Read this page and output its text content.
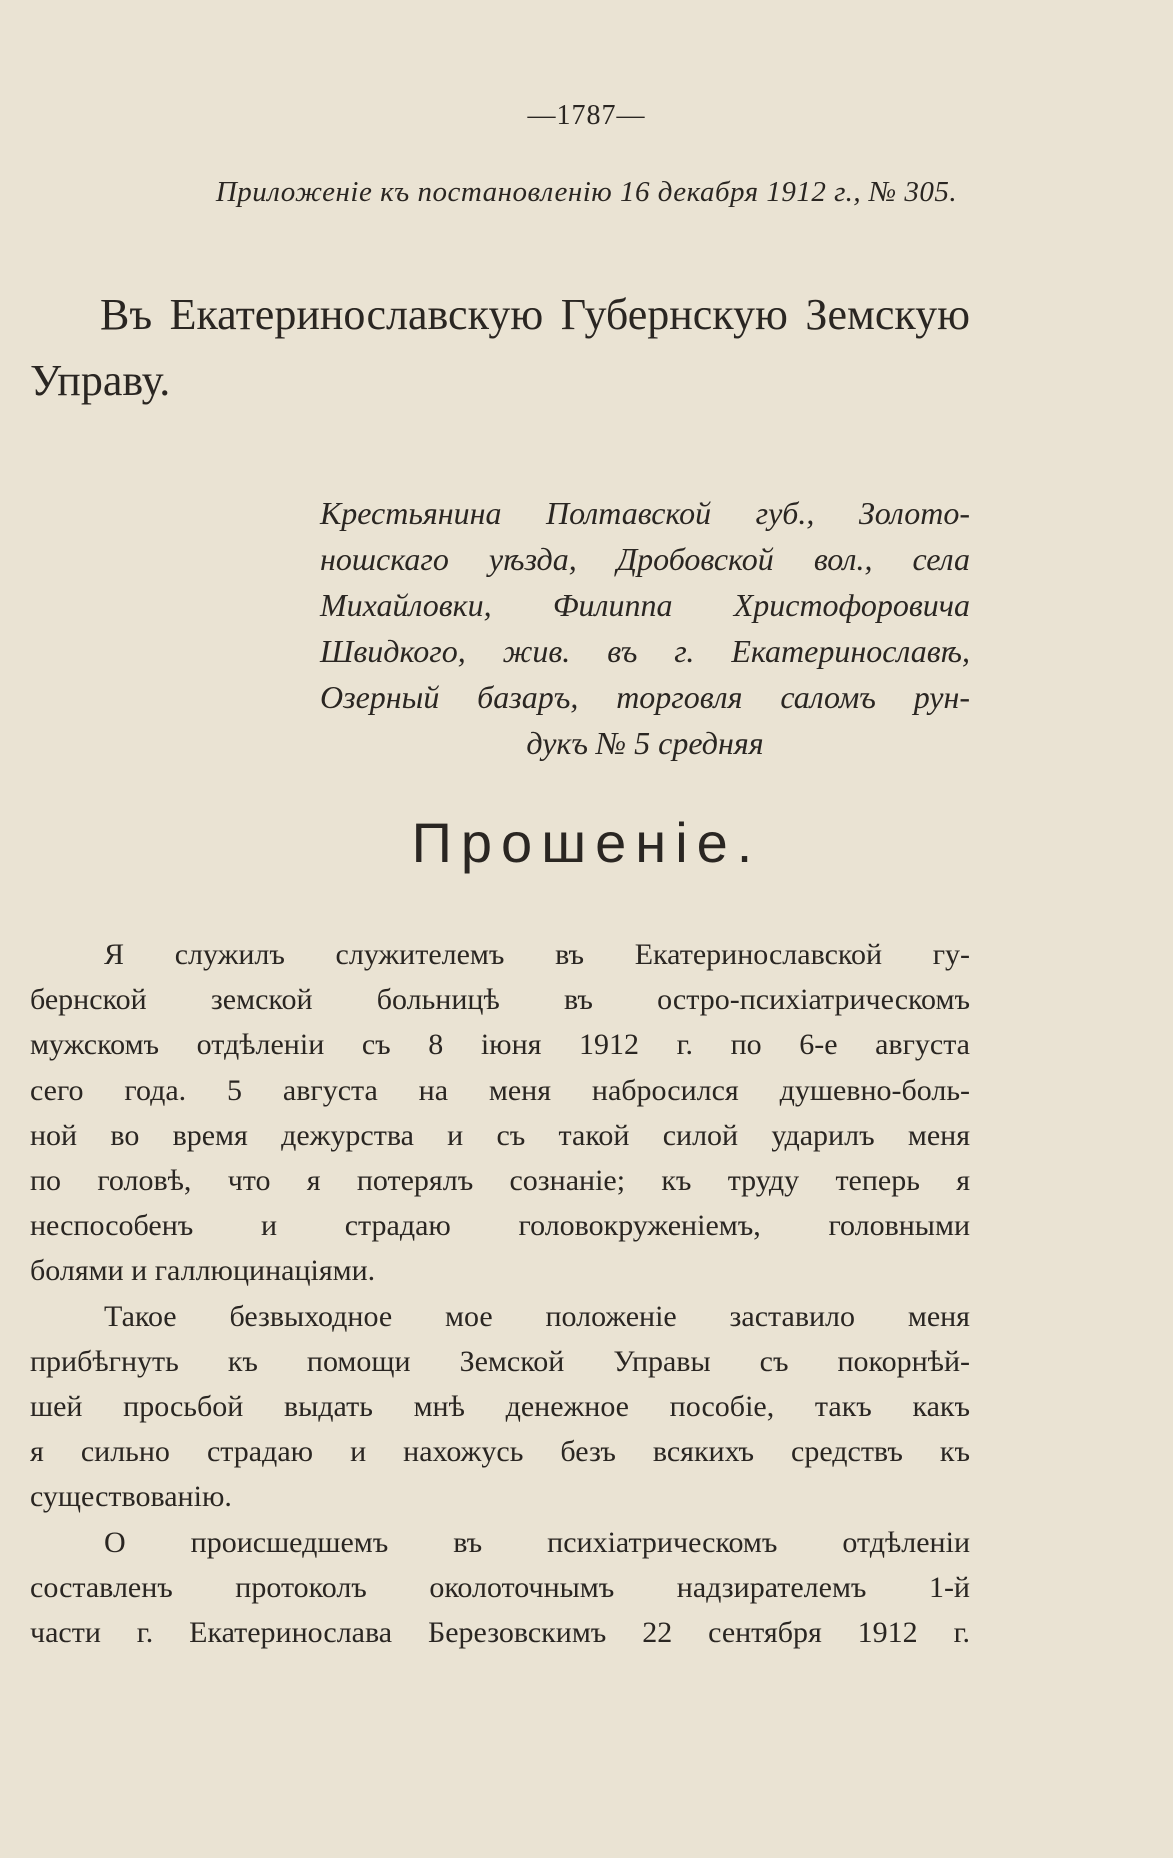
—1787—
Приложеніе къ постановленію 16 декабря 1912 г., № 305.

Въ Екатеринославскую Губернскую Земскую Управу.

Крестьянина Полтавской губ., Золото-
ношскаго уѣзда, Дробовской вол., села
Михайловки, Филиппа Христофоровича
Швидкого, жив. въ г. Екатеринославѣ,
Озерный базаръ, торговля саломъ рун-
дукъ № 5 средняя
Прошеніе.
Я служилъ служителемъ въ Екатеринославской гу-
бернской земской больницѣ въ остро-психіатрическомъ
мужскомъ отдѣленіи съ 8 іюня 1912 г. по 6-е августа
сего года. 5 августа на меня набросился душевно-боль-
ной во время дежурства и съ такой силой ударилъ меня
по головѣ, что я потерялъ сознаніе; къ труду теперь я
неспособенъ и страдаю головокруженіемъ, головными
болями и галлюцинаціями.
Такое безвыходное мое положеніе заставило меня
прибѣгнуть къ помощи Земской Управы съ покорнѣй-
шей просьбой выдать мнѣ денежное пособіе, такъ какъ
я сильно страдаю и нахожусь безъ всякихъ средствъ къ
существованію.
О происшедшемъ въ психіатрическомъ отдѣленіи
составленъ протоколъ околоточнымъ надзирателемъ 1-й
части г. Екатеринослава Березовскимъ 22 сентября 1912 г.
